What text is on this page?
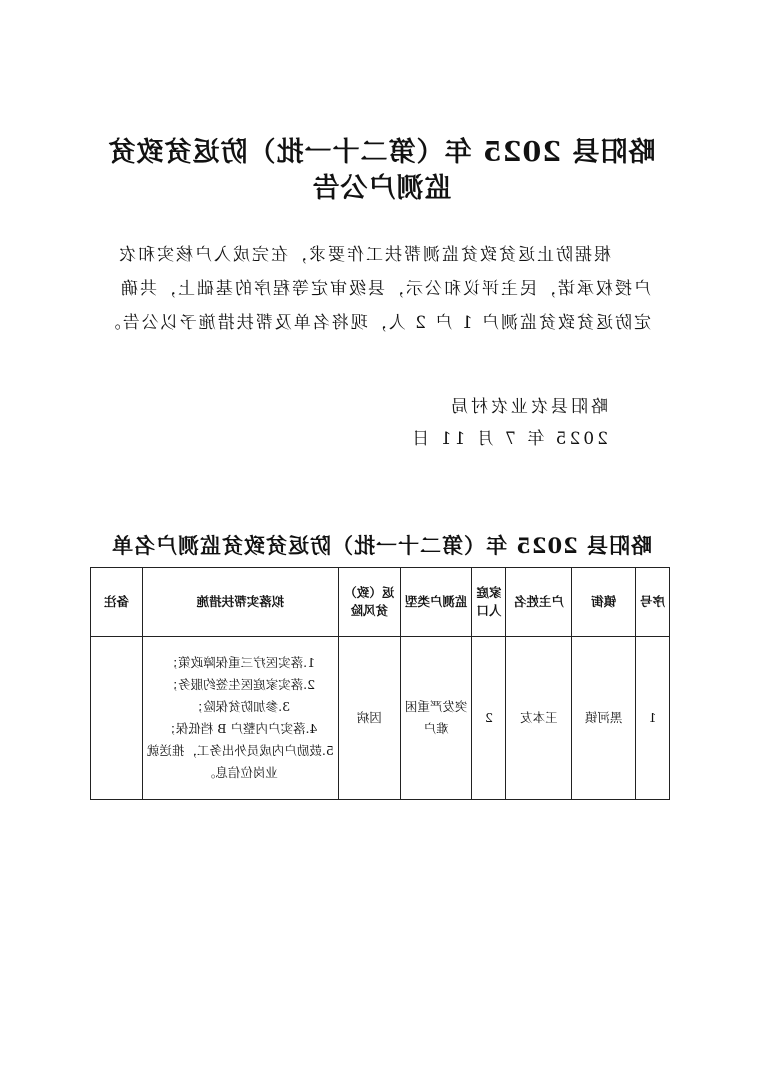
略阳县 2025 年（第二十一批）防返贫致贫
监测户公告
根据防止返贫致贫监测帮扶工作要求，在完成入户核实和农户授权承诺，民主评议和公示，县级审定等程序的基础上，共确定防返贫致贫监测户 1 户 2 人，现将名单及帮扶措施予以公告。
略阳县农业农村局
2025 年 7 月 11 日
略阳县 2025 年（第二十一批）防返贫致贫监测户名单
序号	镇街	户主姓名	家庭人口	监测户类型	返（致）贫风险	拟落实帮扶措施	备注
1	黑河镇	王本友	2	突发严重困难户	因病	1.落实医疗三重保障政策；
2.落实家庭医生签约服务；
3.参加防贫保险；
4.落实户内整户 B 档低保；
5.鼓励户内成员外出务工，推送就业岗位信息。	
